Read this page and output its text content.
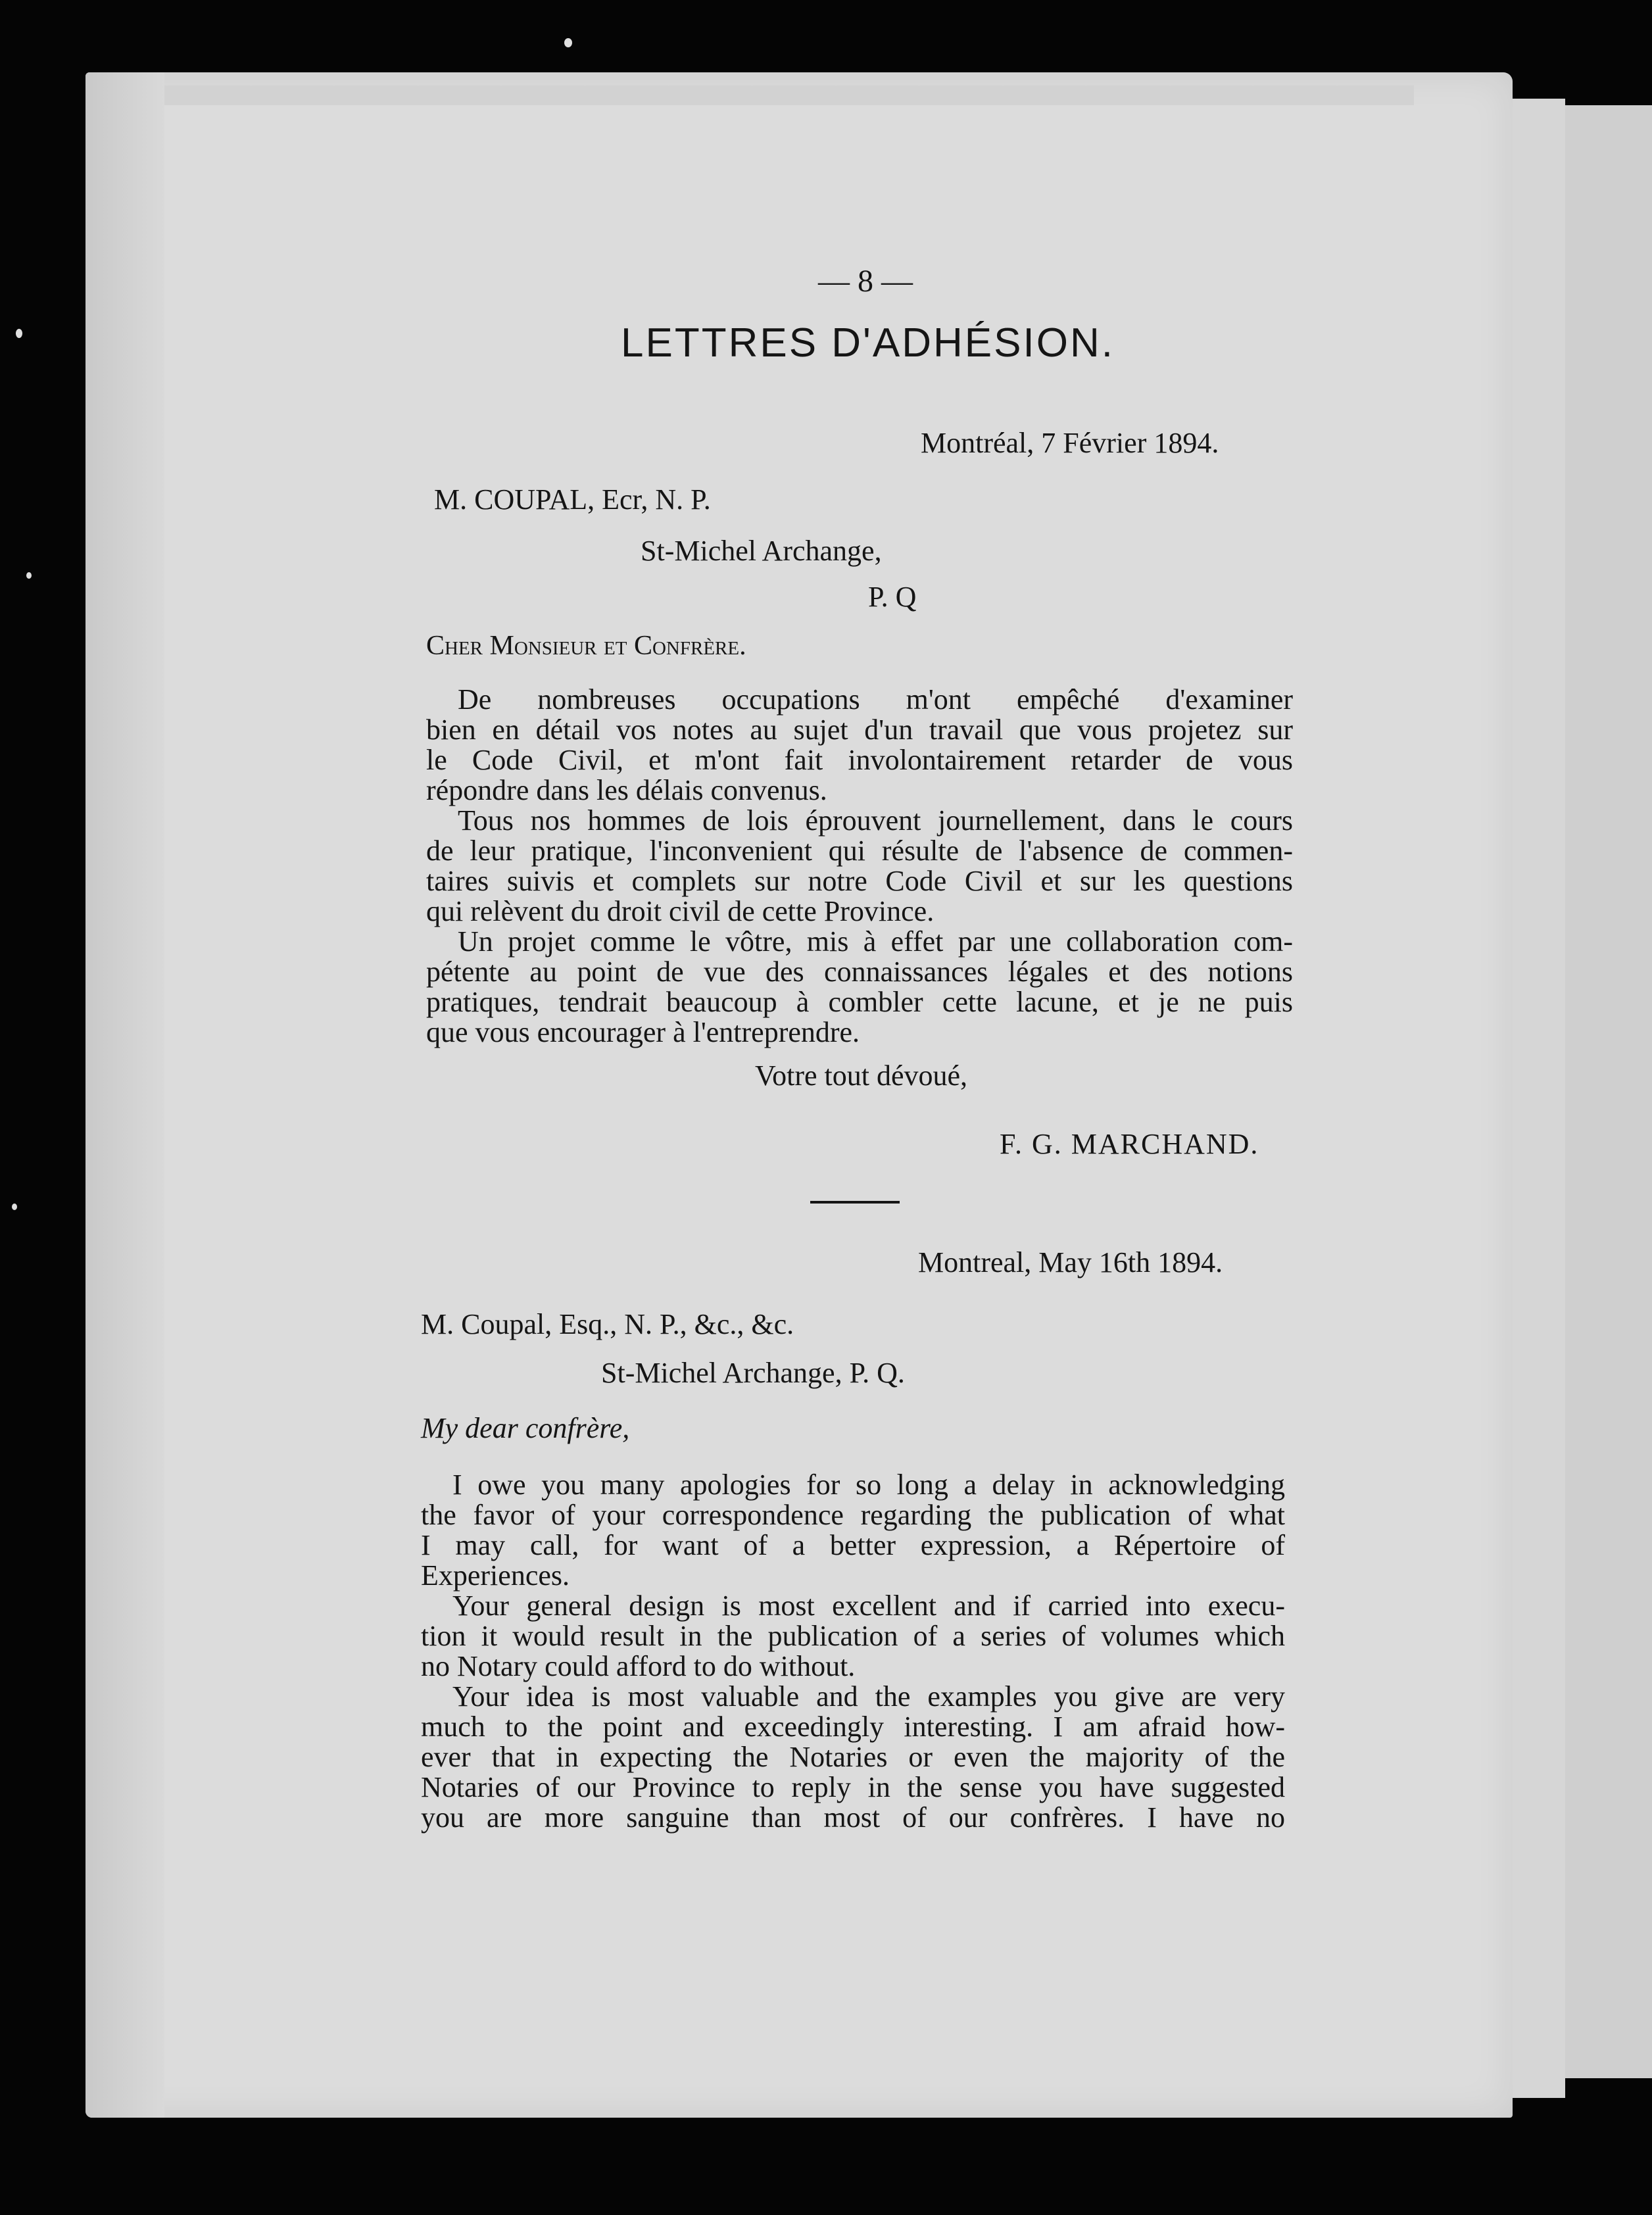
— 8 —
LETTRES D'ADHÉSION.
Montréal, 7 Février 1894.
M. COUPAL, Ecr, N. P.
St-Michel Archange,
P. Q
Cher Monsieur et Confrère.
De nombreuses occupations m'ont empêché d'examiner
bien en détail vos notes au sujet d'un travail que vous projetez sur
le Code Civil, et m'ont fait involontairement retarder de vous
répondre dans les délais convenus.
Tous nos hommes de lois éprouvent journellement, dans le cours
de leur pratique, l'inconvenient qui résulte de l'absence de commen-
taires suivis et complets sur notre Code Civil et sur les questions
qui relèvent du droit civil de cette Province.
Un projet comme le vôtre, mis à effet par une collaboration com-
pétente au point de vue des connaissances légales et des notions
pratiques, tendrait beaucoup à combler cette lacune, et je ne puis
que vous encourager à l'entreprendre.
Votre tout dévoué,
F. G. MARCHAND.
Montreal, May 16th 1894.
M. Coupal, Esq., N. P., &c., &c.
St-Michel Archange, P. Q.
My dear confrère,
I owe you many apologies for so long a delay in acknowledging
the favor of your correspondence regarding the publication of what
I may call, for want of a better expression, a Répertoire of
Experiences.
Your general design is most excellent and if carried into execu-
tion it would result in the publication of a series of volumes which
no Notary could afford to do without.
Your idea is most valuable and the examples you give are very
much to the point and exceedingly interesting. I am afraid how-
ever that in expecting the Notaries or even the majority of the
Notaries of our Province to reply in the sense you have suggested
you are more sanguine than most of our confrères. I have no
